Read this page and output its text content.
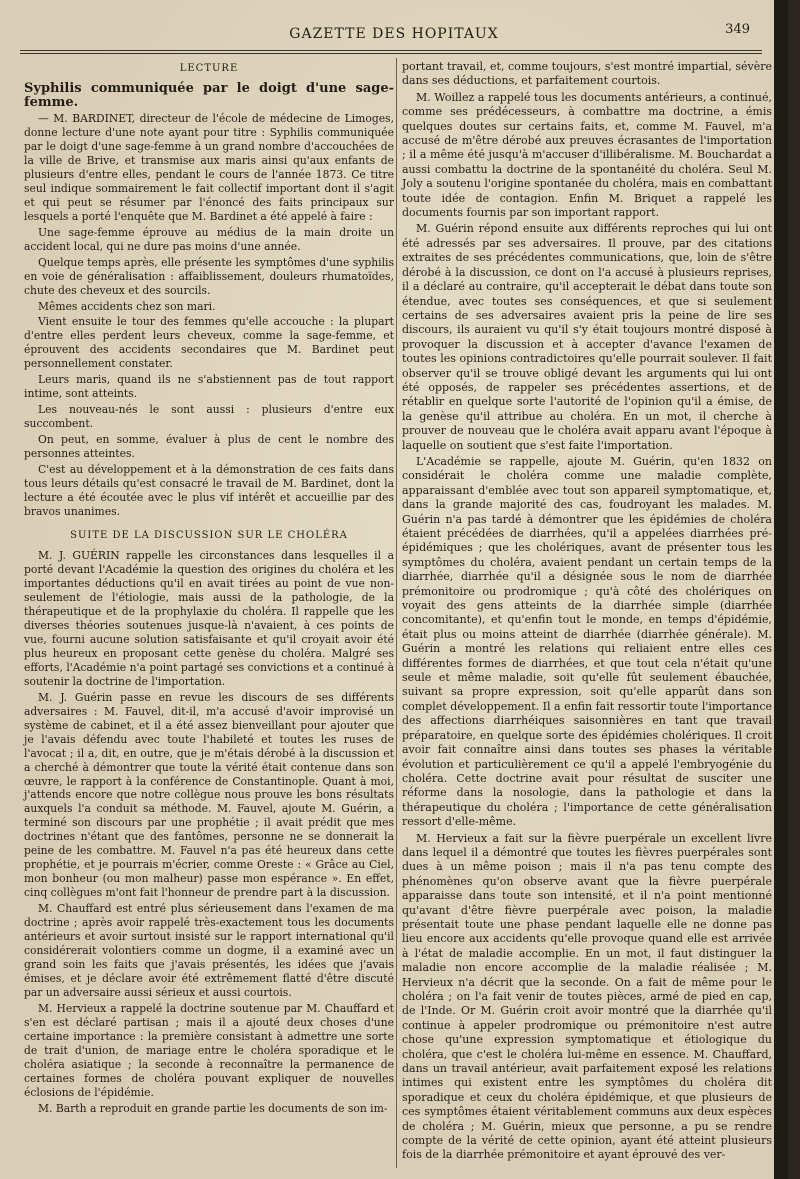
GAZETTE DES HOPITAUX	349
LECTURE

Syphilis communiquée par le doigt d'une sage-femme.

— M. BARDINET, directeur de l'école de médecine de Limoges, donne lecture d'une note ayant pour titre : Syphilis communiquée par le doigt d'une sage-femme à un grand nombre d'accouchées de la ville de Brive, et transmise aux maris ainsi qu'aux enfants de plusieurs d'entre elles, pendant le cours de l'année 1873. Ce titre seul indique sommairement le fait collectif important dont il s'agit et qui peut se résumer par l'énoncé des faits principaux sur lesquels a porté l'enquête que M. Bardinet a été appelé à faire :

Une sage-femme éprouve au médius de la main droite un accident local, qui ne dure pas moins d'une année.

Quelque temps après, elle présente les symptômes d'une syphilis en voie de généralisation : affaiblissement, douleurs rhumatoïdes, chute des cheveux et des sourcils.

Mêmes accidents chez son mari.

Vient ensuite le tour des femmes qu'elle accouche : la plupart d'entre elles perdent leurs cheveux, comme la sage-femme, et éprouvent des accidents secondaires que M. Bardinet peut personnellement constater.

Leurs maris, quand ils ne s'abstiennent pas de tout rapport intime, sont atteints.

Les nouveau-nés le sont aussi : plusieurs d'entre eux succombent.

On peut, en somme, évaluer à plus de cent le nombre des personnes atteintes.

C'est au développement et à la démonstration de ces faits dans tous leurs détails qu'est consacré le travail de M. Bardinet, dont la lecture a été écoutée avec le plus vif intérêt et accueillie par des bravos unanimes.

SUITE DE LA DISCUSSION SUR LE CHOLÉRA

M. J. GUÉRIN rappelle les circonstances dans lesquelles il a porté devant l'Académie la question des origines du choléra et les importantes déductions qu'il en avait tirées au point de vue non-seulement de l'étiologie, mais aussi de la pathologie, de la thérapeutique et de la prophylaxie du choléra. Il rappelle que les diverses théories soutenues jusque-là n'avaient, à ces points de vue, fourni aucune solution satisfaisante et qu'il croyait avoir été plus heureux en proposant cette genèse du choléra. Malgré ses efforts, l'Académie n'a point partagé ses convictions et a continué à soutenir la doctrine de l'importation.

M. J. Guérin passe en revue les discours de ses différents adversaires : M. Fauvel, dit-il, m'a accusé d'avoir improvisé un système de cabinet, et il a été assez bienveillant pour ajouter que je l'avais défendu avec toute l'habileté et toutes les ruses de l'avocat ; il a, dit, en outre, que je m'étais dérobé à la discussion et a cherché à démontrer que toute la vérité était contenue dans son œuvre, le rapport à la conférence de Constantinople. Quant à moi, j'attends encore que notre collègue nous prouve les bons résultats auxquels l'a conduit sa méthode. M. Fauvel, ajoute M. Guérin, a terminé son discours par une prophétie ; il avait prédit que mes doctrines n'étant que des fantômes, personne ne se donnerait la peine de les combattre. M. Fauvel n'a pas été heureux dans cette prophétie, et je pourrais m'écrier, comme Oreste : « Grâce au Ciel, mon bonheur (ou mon malheur) passe mon espérance ». En effet, cinq collègues m'ont fait l'honneur de prendre part à la discussion.

M. Chauffard est entré plus sérieusement dans l'examen de ma doctrine ; après avoir rappelé très-exactement tous les documents antérieurs et avoir surtout insisté sur le rapport international qu'il considérerait volontiers comme un dogme, il a examiné avec un grand soin les faits que j'avais présentés, les idées que j'avais émises, et je déclare avoir été extrêmement flatté d'être discuté par un adversaire aussi sérieux et aussi courtois.

M. Hervieux a rappelé la doctrine soutenue par M. Chauffard et s'en est déclaré partisan ; mais il a ajouté deux choses d'une certaine importance : la première consistant à admettre une sorte de trait d'union, de mariage entre le choléra sporadique et le choléra asiatique ; la seconde à reconnaître la permanence de certaines formes de choléra pouvant expliquer de nouvelles éclosions de l'épidémie.

M. Barth a reproduit en grande partie les documents de son im-

portant travail, et, comme toujours, s'est montré impartial, sévère dans ses déductions, et parfaitement courtois.

M. Woillez a rappelé tous les documents antérieurs, a continué, comme ses prédécesseurs, à combattre ma doctrine, a émis quelques doutes sur certains faits, et, comme M. Fauvel, m'a accusé de m'être dérobé aux preuves écrasantes de l'importation ; il a même été jusqu'à m'accuser d'illibéralisme. M. Bouchardat a aussi combattu la doctrine de la spontanéité du choléra. Seul M. Joly a soutenu l'origine spontanée du choléra, mais en combattant toute idée de contagion. Enfin M. Briquet a rappelé les documents fournis par son important rapport.

M. Guérin répond ensuite aux différents reproches qui lui ont été adressés par ses adversaires. Il prouve, par des citations extraites de ses précédentes communications, que, loin de s'être dérobé à la discussion, ce dont on l'a accusé à plusieurs reprises, il a déclaré au contraire, qu'il accepterait le débat dans toute son étendue, avec toutes ses conséquences, et que si seulement certains de ses adversaires avaient pris la peine de lire ses discours, ils auraient vu qu'il s'y était toujours montré disposé à provoquer la discussion et à accepter d'avance l'examen de toutes les opinions contradictoires qu'elle pourrait soulever. Il fait observer qu'il se trouve obligé devant les arguments qui lui ont été opposés, de rappeler ses précédentes assertions, et de rétablir en quelque sorte l'autorité de l'opinion qu'il a émise, de la genèse qu'il attribue au choléra. En un mot, il cherche à prouver de nouveau que le choléra avait apparu avant l'époque à laquelle on soutient que s'est faite l'importation.

L'Académie se rappelle, ajoute M. Guérin, qu'en 1832 on considérait le choléra comme une maladie complète, apparaissant d'emblée avec tout son appareil symptomatique, et, dans la grande majorité des cas, foudroyant les malades. M. Guérin n'a pas tardé à démontrer que les épidémies de choléra étaient précédées de diarrhées, qu'il a appelées diarrhées pré-épidémiques ; que les cholériques, avant de présenter tous les symptômes du choléra, avaient pendant un certain temps de la diarrhée, diarrhée qu'il a désignée sous le nom de diarrhée prémonitoire ou prodromique ; qu'à côté des cholériques on voyait des gens atteints de la diarrhée simple (diarrhée concomitante), et qu'enfin tout le monde, en temps d'épidémie, était plus ou moins atteint de diarrhée (diarrhée générale). M. Guérin a montré les relations qui reliaient entre elles ces différentes formes de diarrhées, et que tout cela n'était qu'une seule et même maladie, soit qu'elle fût seulement ébauchée, suivant sa propre expression, soit qu'elle apparût dans son complet développement. Il a enfin fait ressortir toute l'importance des affections diarrhéiques saisonnières en tant que travail préparatoire, en quelque sorte des épidémies cholériques. Il croit avoir fait connaître ainsi dans toutes ses phases la véritable évolution et particulièrement ce qu'il a appelé l'embryogénie du choléra. Cette doctrine avait pour résultat de susciter une réforme dans la nosologie, dans la pathologie et dans la thérapeutique du choléra ; l'importance de cette généralisation ressort d'elle-même.

M. Hervieux a fait sur la fièvre puerpérale un excellent livre dans lequel il a démontré que toutes les fièvres puerpérales sont dues à un même poison ; mais il n'a pas tenu compte des phénomènes qu'on observe avant que la fièvre puerpérale apparaisse dans toute son intensité, et il n'a point mentionné qu'avant d'être fièvre puerpérale avec poison, la maladie présentait toute une phase pendant laquelle elle ne donne pas lieu encore aux accidents qu'elle provoque quand elle est arrivée à l'état de maladie accomplie. En un mot, il faut distinguer la maladie non encore accomplie de la maladie réalisée ; M. Hervieux n'a décrit que la seconde. On a fait de même pour le choléra ; on l'a fait venir de toutes pièces, armé de pied en cap, de l'Inde. Or M. Guérin croit avoir montré que la diarrhée qu'il continue à appeler prodromique ou prémonitoire n'est autre chose qu'une expression symptomatique et étiologique du choléra, que c'est le choléra lui-même en essence. M. Chauffard, dans un travail antérieur, avait parfaitement exposé les relations intimes qui existent entre les symptômes du choléra dit sporadique et ceux du choléra épidémique, et que plusieurs de ces symptômes étaient véritablement communs aux deux espèces de choléra ; M. Guérin, mieux que personne, a pu se rendre compte de la vérité de cette opinion, ayant été atteint plusieurs fois de la diarrhée prémonitoire et ayant éprouvé des ver-
